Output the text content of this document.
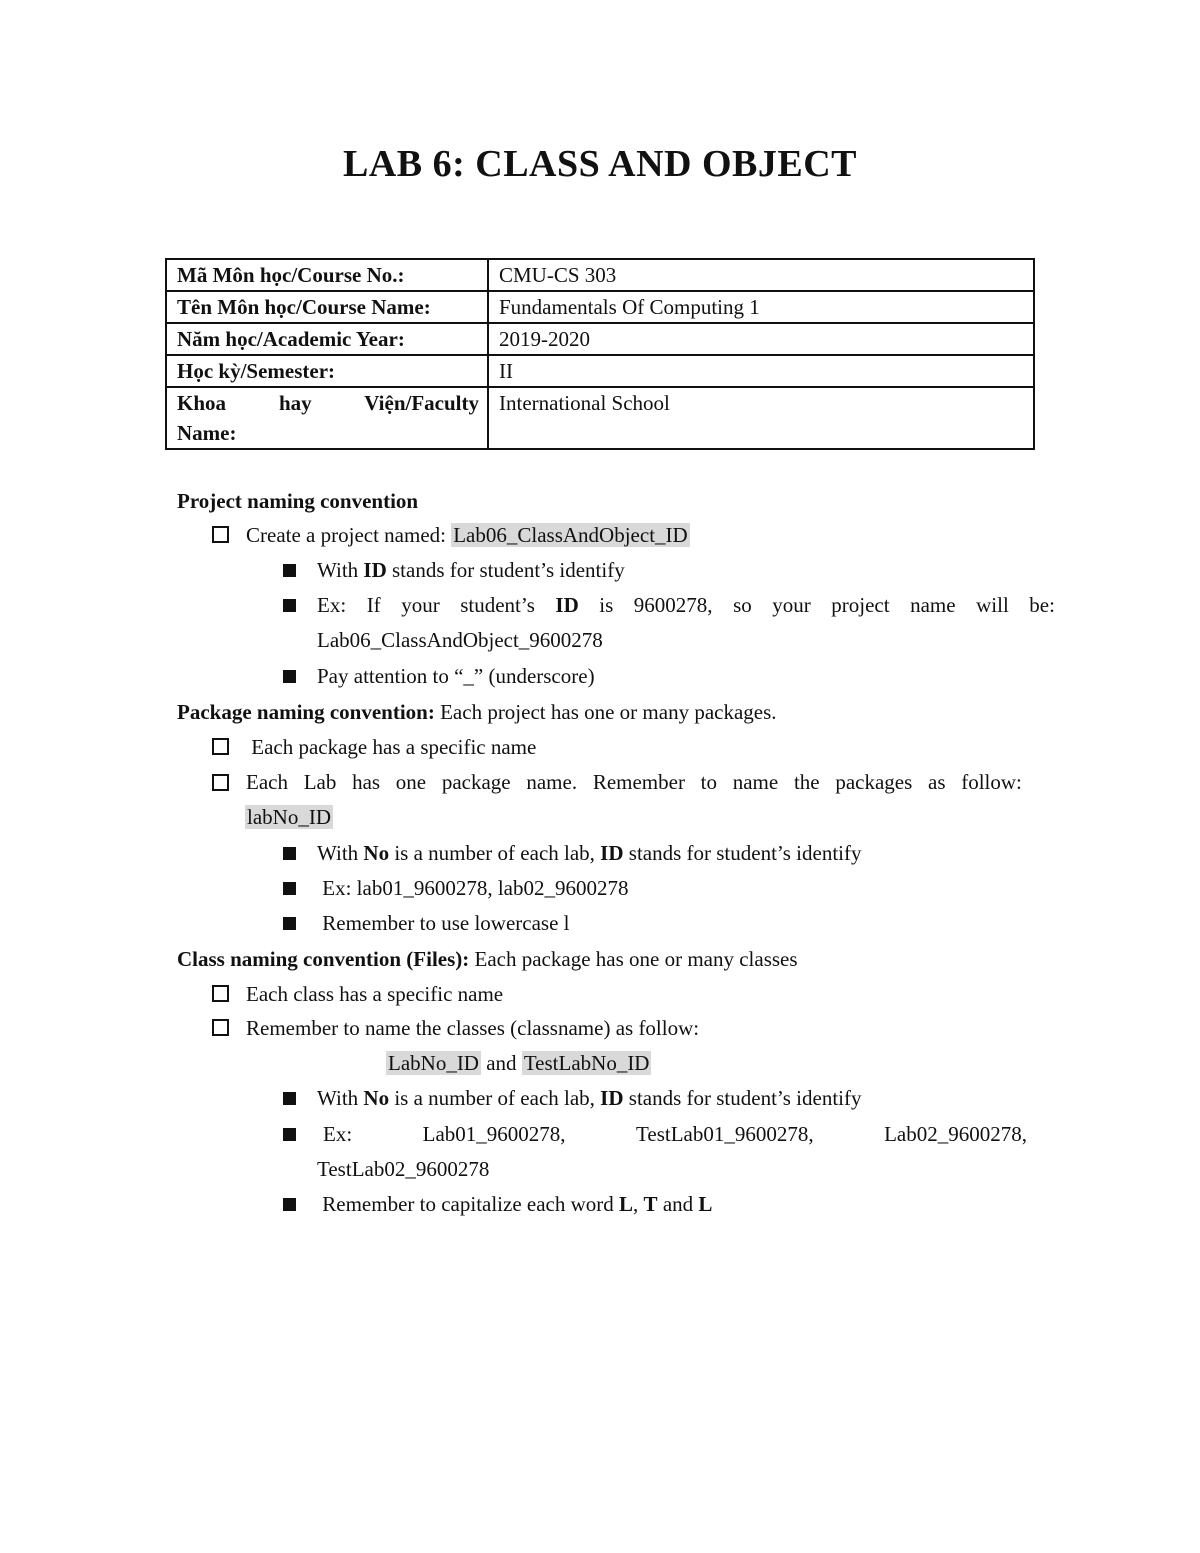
LAB 6: CLASS AND OBJECT
Mã Môn học/Course No.:	CMU-CS 303
Tên Môn học/Course Name:	Fundamentals Of Computing 1
Năm học/Academic Year:	2019-2020
Học kỳ/Semester:	II
Khoa hay Viện/Faculty
Name:	International School
Project naming convention
Create a project named: Lab06_ClassAndObject_ID
With ID stands for student’s identify
Ex: If your student’s ID is 9600278, so your project name will be:
Lab06_ClassAndObject_9600278
Pay attention to “_” (underscore)
Package naming convention: Each project has one or many packages.
Each package has a specific name
Each Lab has one package name. Remember to name the packages as follow:
labNo_ID
With No is a number of each lab, ID stands for student’s identify
Ex: lab01_9600278, lab02_9600278
Remember to use lowercase l
Class naming convention (Files): Each package has one or many classes
Each class has a specific name
Remember to name the classes (classname) as follow:
LabNo_ID and TestLabNo_ID
With No is a number of each lab, ID stands for student’s identify
Ex:	Lab01_9600278,	TestLab01_9600278,	Lab02_9600278,
TestLab02_9600278
Remember to capitalize each word L, T and L
